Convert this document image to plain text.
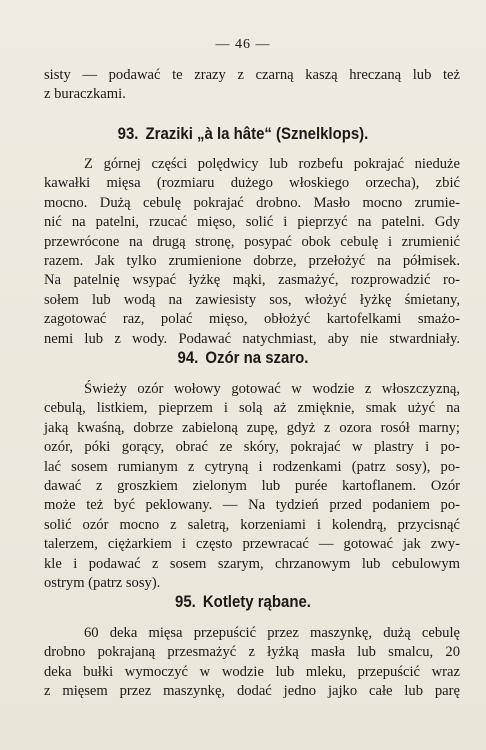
— 46 —
sisty — podawać te zrazy z czarną kaszą hreczaną lub też
z buraczkami.
93. Zraziki „à la hâte“ (Sznelklops).
Z górnej części polędwicy lub rozbefu pokrajać nieduże
kawałki mięsa (rozmiaru dużego włoskiego orzecha), zbić
mocno. Dużą cebulę pokrajać drobno. Masło mocno zrumie-
nić na patelni, rzucać mięso, solić i pieprzyć na patelni. Gdy
przewrócone na drugą stronę, posypać obok cebulę i zrumienić
razem. Jak tylko zrumienione dobrze, przełożyć na półmisek.
Na patelnię wsypać łyżkę mąki, zasmażyć, rozprowadzić ro-
sołem lub wodą na zawiesisty sos, włożyć łyżkę śmietany,
zagotować raz, polać mięso, obłożyć kartofelkami smażo-
nemi lub z wody. Podawać natychmiast, aby nie stwardniały.
94. Ozór na szaro.
Świeży ozór wołowy gotować w wodzie z włoszczyzną,
cebulą, listkiem, pieprzem i solą aż zmięknie, smak użyć na
jaką kwaśną, dobrze zabieloną zupę, gdyż z ozora rosół marny;
ozór, póki gorący, obrać ze skóry, pokrajać w plastry i po-
lać sosem rumianym z cytryną i rodzenkami (patrz sosy), po-
dawać z groszkiem zielonym lub purée kartoflanem. Ozór
może też być peklowany. — Na tydzień przed podaniem po-
solić ozór mocno z saletrą, korzeniami i kolendrą, przycisnąć
talerzem, ciężarkiem i często przewracać — gotować jak zwy-
kle i podawać z sosem szarym, chrzanowym lub cebulowym
ostrym (patrz sosy).
95. Kotlety rąbane.
60 deka mięsa przepuścić przez maszynkę, dużą cebulę
drobno pokrajaną przesmażyć z łyżką masła lub smalcu, 20
deka bułki wymoczyć w wodzie lub mleku, przepuścić wraz
z mięsem przez maszynkę, dodać jedno jajko całe lub parę
